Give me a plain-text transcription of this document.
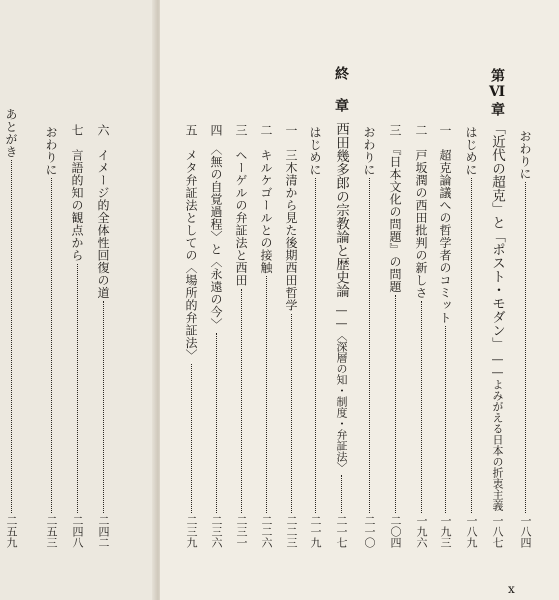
おわりに
一八四
第Ⅵ章
「近代の超克」と「ポスト・モダン」
――よみがえる日本の折衷主義
一八七
はじめに
一八九
一　超克論議への哲学者のコミット
一九三
二　戸坂潤の西田批判の新しさ
一九六
三　『日本文化の問題』の問題
二〇四
おわりに
二一〇
終　章
西田幾多郎の宗教論と歴史論
――〈深層の知・制度・弁証法〉
二一七
はじめに
二一九
一　三木清から見た後期西田哲学
二二三
二　キルケゴールとの接触
二二六
三　ヘーゲルの弁証法と西田
二三一
四　〈無の自覚過程〉と〈永遠の今〉
二三六
五　メタ弁証法としての〈場所的弁証法〉
二三九
x
六　イメージ的全体性回復の道
二四二
七　言語的知の観点から
二四八
おわりに
二五三
あとがき
二五九
